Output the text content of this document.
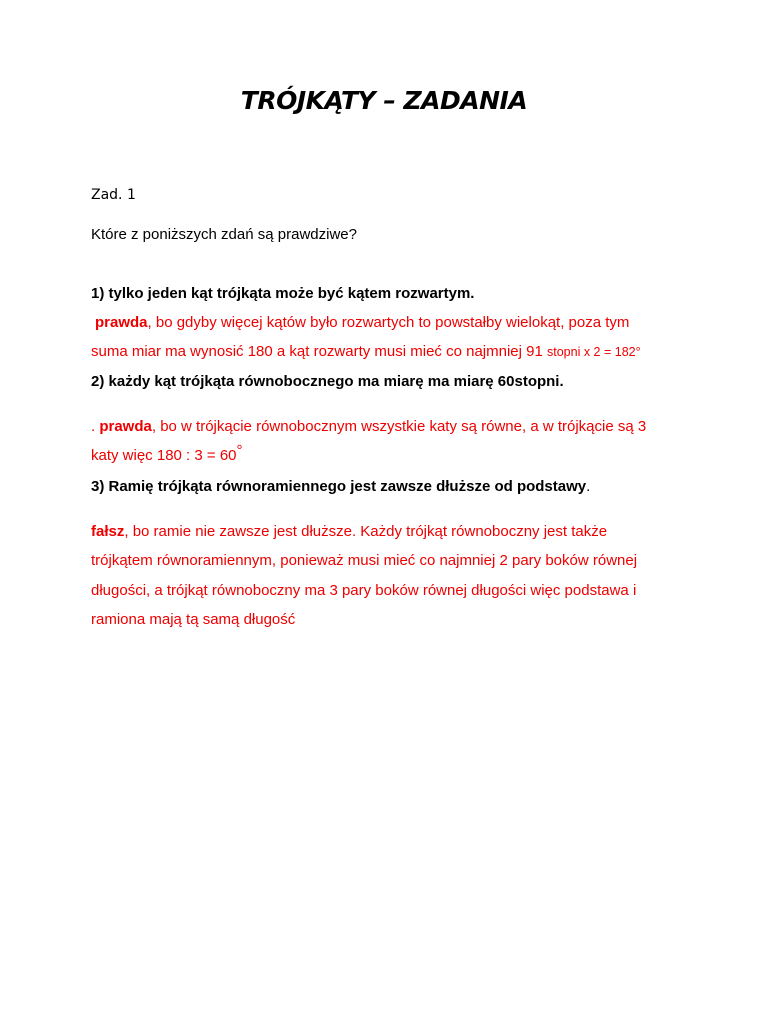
TRÓJKĄTY – ZADANIA
Zad. 1
Które z poniższych zdań są prawdziwe?
1) tylko jeden kąt trójkąta może być kątem rozwartym.
prawda, bo gdyby więcej kątów było rozwartych to powstałby wielokąt, poza tym
suma miar ma wynosić 180 a kąt rozwarty musi mieć co najmniej 91 stopni x 2 = 182°
2) każdy kąt trójkąta równobocznego ma miarę ma miarę 60stopni.
. prawda, bo w trójkącie równobocznym wszystkie katy są równe, a w trójkącie są 3
katy więc 180 : 3 = 60°
3) Ramię trójkąta równoramiennego jest zawsze dłuższe od podstawy.
fałsz, bo ramie nie zawsze jest dłuższe. Każdy trójkąt równoboczny jest także
trójkątem równoramiennym, ponieważ musi mieć co najmniej 2 pary boków równej
długości, a trójkąt równoboczny ma 3 pary boków równej długości więc podstawa i
ramiona mają tą samą długość
